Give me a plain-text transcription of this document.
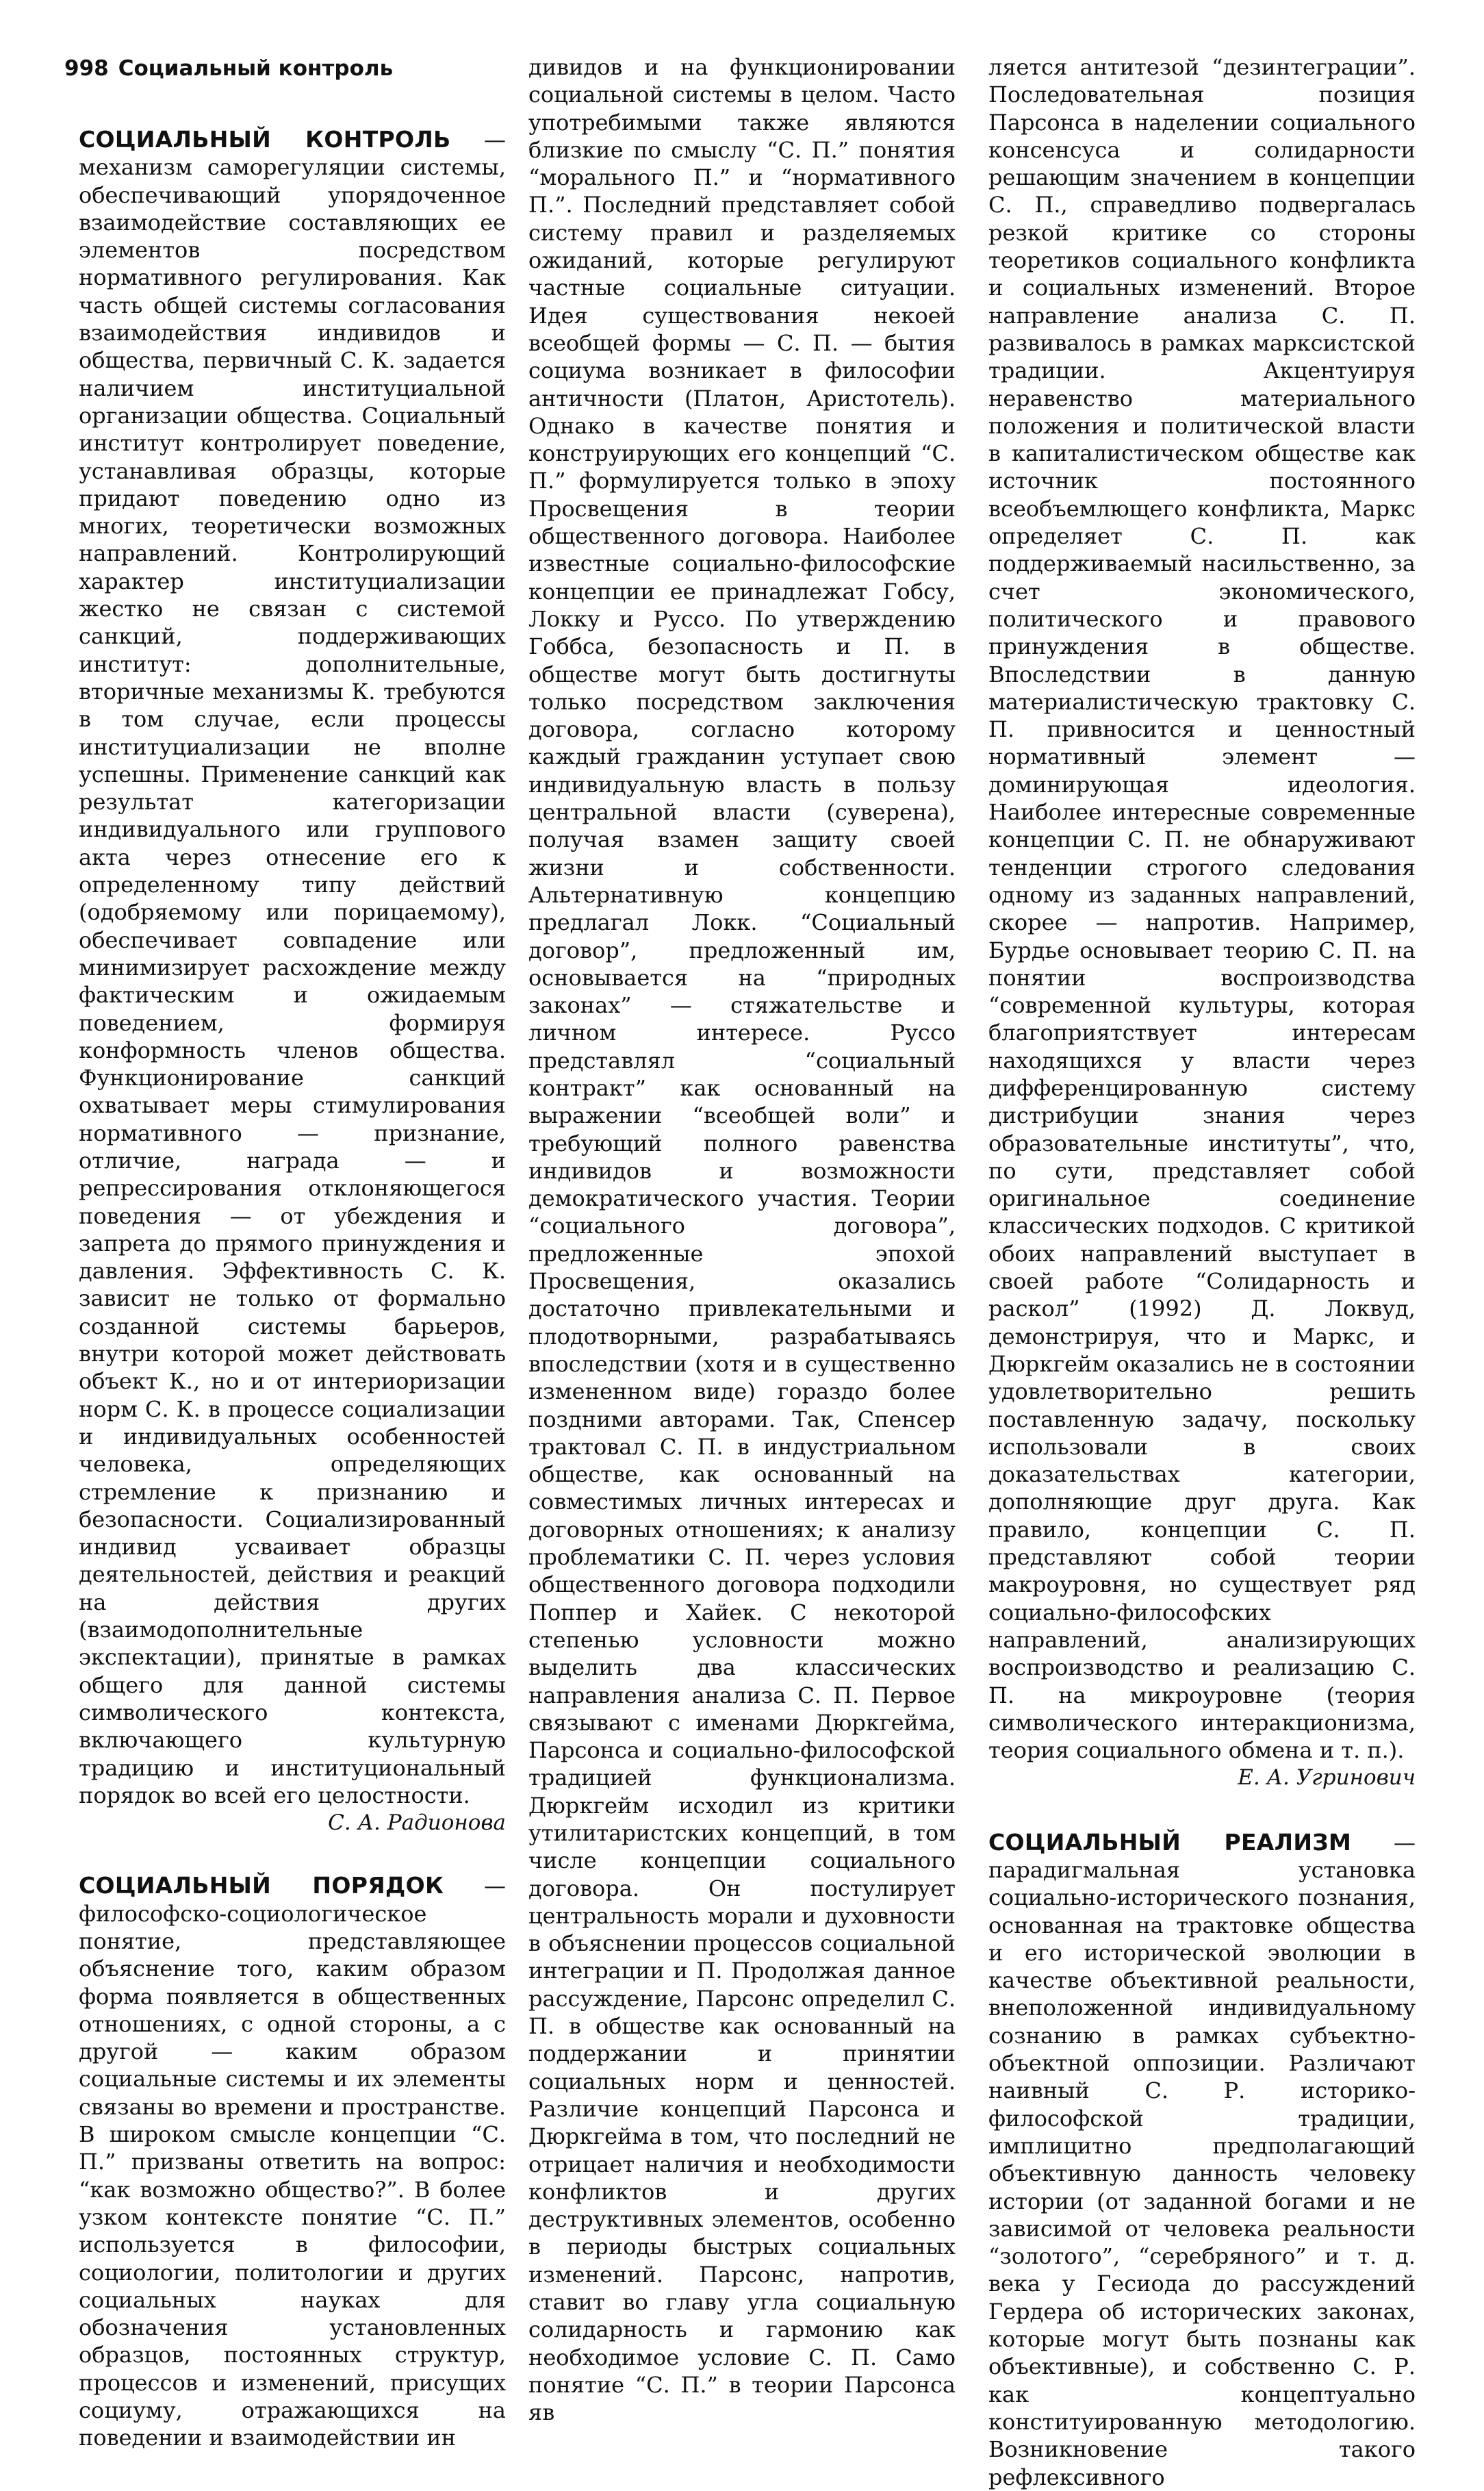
998 Социальный контроль

СОЦИАЛЬНЫЙ КОНТРОЛЬ — механизм саморегуляции системы, обеспечивающий упорядоченное взаимодействие составляющих ее элементов посредством нормативного регулирования. Как часть общей системы согласования взаимодействия индивидов и общества, первичный С. К. задается наличием институциальной организации общества. Социальный институт контролирует поведение, устанавливая образцы, которые придают поведению одно из многих, теоретически возможных направлений. Контролирующий характер институциализации жестко не связан с системой санкций, поддерживающих институт: дополнительные, вторичные механизмы К. требуются в том случае, если процессы институциализации не вполне успешны. Применение санкций как результат категоризации индивидуального или группового акта через отнесение его к определенному типу действий (одобряемому или порицаемому), обеспечивает совпадение или минимизирует расхождение между фактическим и ожидаемым поведением, формируя конформность членов общества. Функционирование санкций охватывает меры стимулирования нормативного — признание, отличие, награда — и репрессирования отклоняющегося поведения — от убеждения и запрета до прямого принуждения и давления. Эффективность С. К. зависит не только от формально созданной системы барьеров, внутри которой может действовать объект К., но и от интериоризации норм С. К. в процессе социализации и индивидуальных особенностей человека, определяющих стремление к признанию и безопасности. Социализированный индивид усваивает образцы деятельностей, действия и реакций на действия других (взаимодополнительные экспектации), принятые в рамках общего для данной системы символического контекста, включающего культурную традицию и институциональный порядок во всей его целостности.

С. А. Радионова

СОЦИАЛЬНЫЙ ПОРЯДОК — философско-социологическое понятие, представляющее объяснение того, каким образом форма появляется в общественных отношениях, с одной стороны, а с другой — каким образом социальные системы и их элементы связаны во времени и пространстве. В широком смысле концепции “С. П.” призваны ответить на вопрос: “как возможно общество?”. В более узком контексте понятие “С. П.” используется в философии, социологии, политологии и других социальных науках для обозначения установленных образцов, постоянных структур, процессов и изменений, присущих социуму, отражающихся на поведении и взаимодействии ин

дивидов и на функционировании социальной системы в целом. Часто употребимыми также являются близкие по смыслу “С. П.” понятия “морального П.” и “нормативного П.”. Последний представляет собой систему правил и разделяемых ожиданий, которые регулируют частные социальные ситуации. Идея существования некоей всеобщей формы — С. П. — бытия социума возникает в философии античности (Платон, Аристотель). Однако в качестве понятия и конструирующих его концепций “С. П.” формулируется только в эпоху Просвещения в теории общественного договора. Наиболее известные социально-философские концепции ее принадлежат Гобсу, Локку и Руссо. По утверждению Гоббса, безопасность и П. в обществе могут быть достигнуты только посредством заключения договора, согласно которому каждый гражданин уступает свою индивидуальную власть в пользу центральной власти (суверена), получая взамен защиту своей жизни и собственности. Альтернативную концепцию предлагал Локк. “Социальный договор”, предложенный им, основывается на “природных законах” — стяжательстве и личном интересе. Руссо представлял “социальный контракт” как основанный на выражении “всеобщей воли” и требующий полного равенства индивидов и возможности демократического участия. Теории “социального договора”, предложенные эпохой Просвещения, оказались достаточно привлекательными и плодотворными, разрабатываясь впоследствии (хотя и в существенно измененном виде) гораздо более поздними авторами. Так, Спенсер трактовал С. П. в индустриальном обществе, как основанный на совместимых личных интересах и договорных отношениях; к анализу проблематики С. П. через условия общественного договора подходили Поппер и Хайек. С некоторой степенью условности можно выделить два классических направления анализа С. П. Первое связывают с именами Дюркгейма, Парсонса и социально-философской традицией функционализма. Дюркгейм исходил из критики утилитаристских концепций, в том числе концепции социального договора. Он постулирует центральность морали и духовности в объяснении процессов социальной интеграции и П. Продолжая данное рассуждение, Парсонс определил С. П. в обществе как основанный на поддержании и принятии социальных норм и ценностей. Различие концепций Парсонса и Дюркгейма в том, что последний не отрицает наличия и необходимости конфликтов и других деструктивных элементов, особенно в периоды быстрых социальных изменений. Парсонс, напротив, ставит во главу угла социальную солидарность и гармонию как необходимое условие С. П. Само понятие “С. П.” в теории Парсонса яв

ляется антитезой “дезинтеграции”. Последовательная позиция Парсонса в наделении социального консенсуса и солидарности решающим значением в концепции С. П., справедливо подвергалась резкой критике со стороны теоретиков социального конфликта и социальных изменений. Второе направление анализа С. П. развивалось в рамках марксистской традиции. Акцентуируя неравенство материального положения и политической власти в капиталистическом обществе как источник постоянного всеобъемлющего конфликта, Маркс определяет С. П. как поддерживаемый насильственно, за счет экономического, политического и правового принуждения в обществе. Впоследствии в данную материалистическую трактовку С. П. привносится и ценностный нормативный элемент — доминирующая идеология. Наиболее интересные современные концепции С. П. не обнаруживают тенденции строгого следования одному из заданных направлений, скорее — напротив. Например, Бурдье основывает теорию С. П. на понятии воспроизводства “современной культуры, которая благоприятствует интересам находящихся у власти через дифференцированную систему дистрибуции знания через образовательные институты”, что, по сути, представляет собой оригинальное соединение классических подходов. С критикой обоих направлений выступает в своей работе “Солидарность и раскол” (1992) Д. Локвуд, демонстрируя, что и Маркс, и Дюркгейм оказались не в состоянии удовлетворительно решить поставленную задачу, поскольку использовали в своих доказательствах категории, дополняющие друг друга. Как правило, концепции С. П. представляют собой теории макроуровня, но существует ряд социально-философских направлений, анализирующих воспроизводство и реализацию С. П. на микроуровне (теория символического интеракционизма, теория социального обмена и т. п.).

Е. А. Угринович

СОЦИАЛЬНЫЙ РЕАЛИЗМ — парадигмальная установка социально-исторического познания, основанная на трактовке общества и его исторической эволюции в качестве объективной реальности, внеположенной индивидуальному сознанию в рамках субъектно-объектной оппозиции. Различают наивный С. Р. историко-философской традиции, имплицитно предполагающий объективную данность человеку истории (от заданной богами и не зависимой от человека реальности “золотого”, “серебряного” и т. д. века у Гесиода до рассуждений Гердера об исторических законах, которые могут быть познаны как объективные), и собственно С. Р. как концептуально конституированную методологию. Возникновение такого рефлексивного
